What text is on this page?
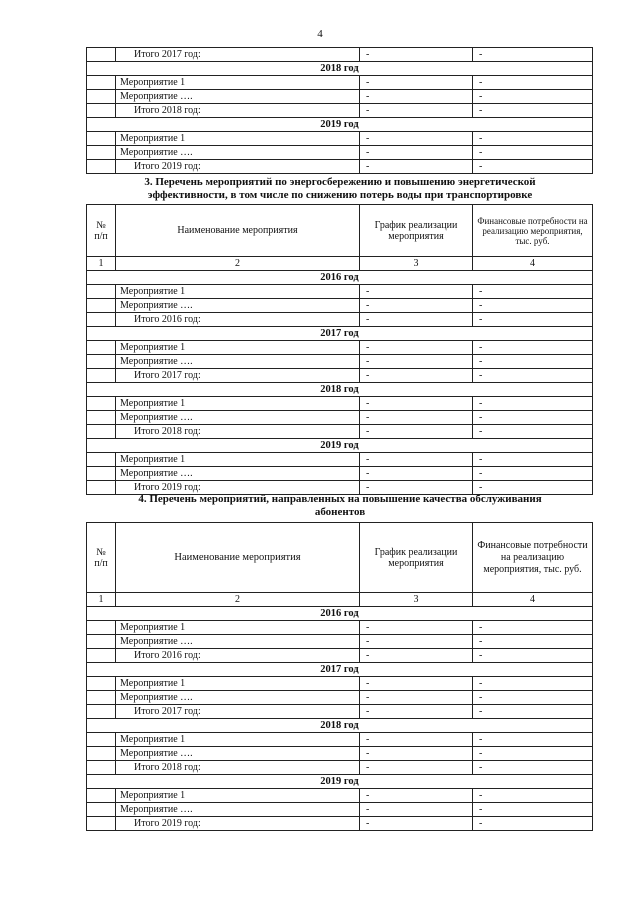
4
	Итого 2017 год:	-	-
2018 год			
	Мероприятие 1	-	-
	Мероприятие ….	-	-
	Итого 2018 год:	-	-
2019 год			
	Мероприятие 1	-	-
	Мероприятие ….	-	-
	Итого 2019 год:	-	-
3. Перечень мероприятий по энергосбережению и повышению энергетической
эффективности, в том числе по снижению потерь воды при транспортировке
№ п/п	Наименование мероприятия	График реализации мероприятия	Финансовые потребности на реализацию мероприятия, тыс. руб.
1	2	3	4
2016 год			
	Мероприятие 1	-	-
	Мероприятие ….	-	-
	Итого 2016 год:	-	-
2017 год			
	Мероприятие 1	-	-
	Мероприятие ….	-	-
	Итого 2017 год:	-	-
2018 год			
	Мероприятие 1	-	-
	Мероприятие ….	-	-
	Итого 2018 год:	-	-
2019 год			
	Мероприятие 1	-	-
	Мероприятие ….	-	-
	Итого 2019 год:	-	-
4. Перечень мероприятий, направленных на повышение качества обслуживания
абонентов
№ п/п	Наименование мероприятия	График реализации мероприятия	Финансовые потребности на реализацию мероприятия, тыс. руб.
1	2	3	4
2016 год			
	Мероприятие 1	-	-
	Мероприятие ….	-	-
	Итого 2016 год:	-	-
2017 год			
	Мероприятие 1	-	-
	Мероприятие ….	-	-
	Итого 2017 год:	-	-
2018 год			
	Мероприятие 1	-	-
	Мероприятие ….	-	-
	Итого 2018 год:	-	-
2019 год			
	Мероприятие 1	-	-
	Мероприятие ….	-	-
	Итого 2019 год:	-	-
